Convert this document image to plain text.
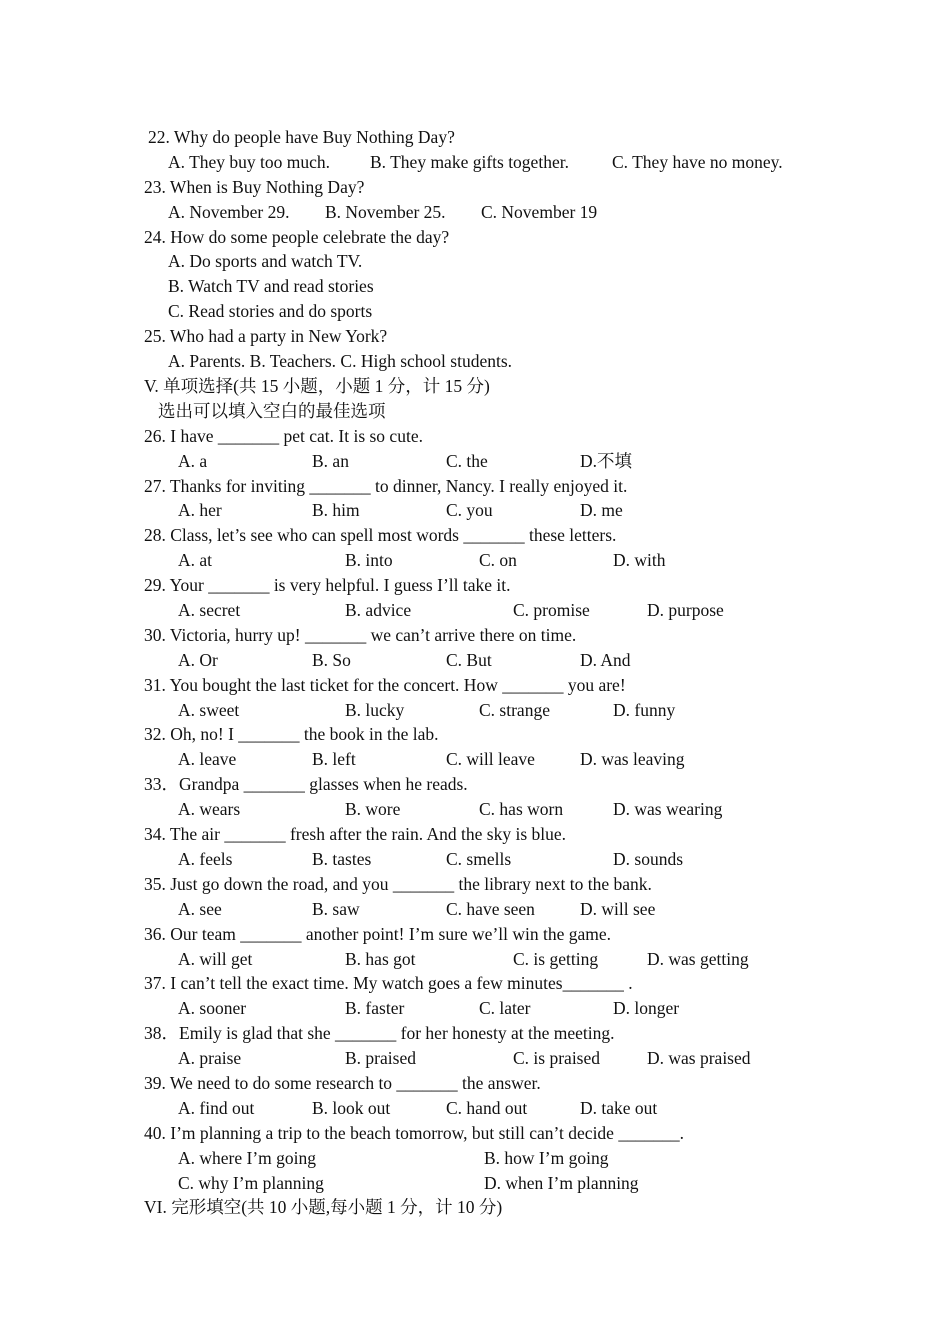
22. Why do people have Buy Nothing Day?
A. They buy too much. B. They make gifts together. C. They have no money.
23. When is Buy Nothing Day?
A. November 29. B. November 25. C. November 19
24. How do some people celebrate the day?
A. Do sports and watch TV.
B. Watch TV and read stories
C. Read stories and do sports
25. Who had a party in New York?
A. Parents. B. Teachers. C. High school students.
V. 单项选择(共 15 小题，小题 1 分，计 15 分)
选出可以填入空白的最佳选项
26. I have _______ pet cat. It is so cute.
A. a	B. an	C. the	D.不填
27. Thanks for inviting _______ to dinner, Nancy. I really enjoyed it.
A. her	B. him	C. you	D. me
28. Class, let’s see who can spell most words _______ these letters.
A. at	B. into	C. on	D. with
29. Your _______ is very helpful. I guess I’ll take it.
A. secret	B. advice	C. promise	D. purpose
30. Victoria, hurry up! _______ we can’t arrive there on time.
A. Or	B. So	C. But	D. And
31. You bought the last ticket for the concert. How _______ you are!
A. sweet	B. lucky	C. strange	D. funny
32. Oh, no! I _______ the book in the lab.
A. leave	B. left	C. will leave	D. was leaving
33．Grandpa _______ glasses when he reads.
A. wears	B. wore	C. has worn	D. was wearing
34. The air _______ fresh after the rain. And the sky is blue.
A. feels	B. tastes	C. smells	D. sounds
35. Just go down the road, and you _______ the library next to the bank.
A. see	B. saw	C. have seen	D. will see
36. Our team _______ another point! I’m sure we’ll win the game.
A. will get	B. has got	C. is getting	D. was getting
37. I can’t tell the exact time. My watch goes a few minutes_______ .
A. sooner	B. faster	C. later	D. longer
38．Emily is glad that she _______ for her honesty at the meeting.
A. praise	B. praised	C. is praised	D. was praised
39. We need to do some research to _______ the answer.
A. find out	B. look out	C. hand out	D. take out
40. I’m planning a trip to the beach tomorrow, but still can’t decide _______.
A. where I’m going	B. how I’m going
C. why I’m planning	D. when I’m planning
VI. 完形填空(共 10 小题,每小题 1 分，计 10 分)
